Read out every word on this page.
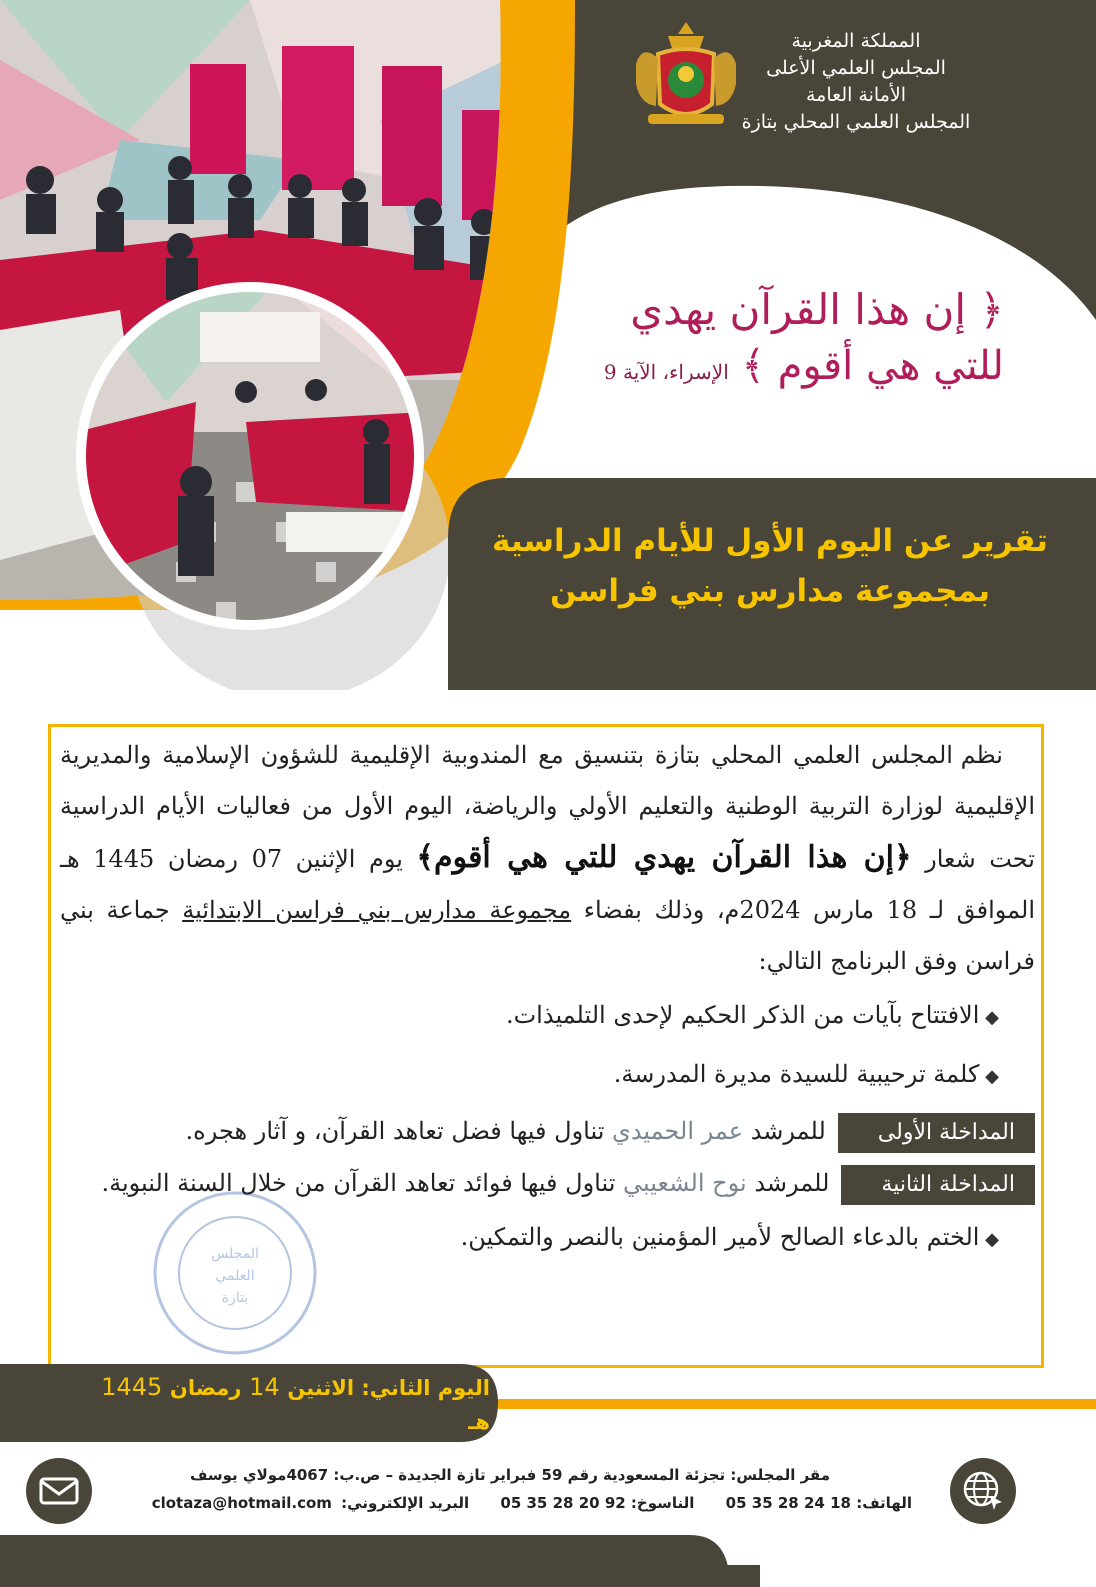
المملكة المغربية
المجلس العلمي الأعلى
الأمانة العامة
المجلس العلمي المحلي بتازة
﴿ إن هذا القرآن يهدي
للتي هي أقوم ﴾ الإسراء، الآية 9
تقرير عن اليوم الأول للأيام الدراسية
بمجموعة مدارس بني فراسن
المجلس
العلمي
بتازة

نظم المجلس العلمي المحلي بتازة بتنسيق مع المندوبية الإقليمية للشؤون الإسلامية والمديرية الإقليمية لوزارة التربية الوطنية والتعليم الأولي والرياضة، اليوم الأول من فعاليات الأيام الدراسية تحت شعار ﴿إن هذا القرآن يهدي للتي هي أقوم﴾ يوم الإثنين 07 رمضان 1445 هـ الموافق لـ 18 مارس 2024م، وذلك بفضاء مجموعة مدارس بني فراسن الابتدائية جماعة بني فراسن وفق البرنامج التالي:

◆ الافتتاح بآيات من الذكر الحكيم لإحدى التلميذات.

◆ كلمة ترحيبية للسيدة مديرة المدرسة.

المداخلة الأولىللمرشد عمر الحميدي تناول فيها فضل تعاهد القرآن، و آثار هجره.

المداخلة الثانيةللمرشد نوح الشعيبي تناول فيها فوائد تعاهد القرآن من خلال السنة النبوية.

◆ الختم بالدعاء الصالح لأمير المؤمنين بالنصر والتمكين.

اليوم الثاني: الاثنين 14 رمضان 1445 هـ
مقر المجلس: تجزئة المسعودية رقم 59 فبراير تازة الجديدة – ص.ب: 4067مولاي يوسف
الهاتف: 18 24 28 35 05 الناسوخ: 92 20 28 35 05 البريد الإلكتروني: clotaza@hotmail.com
